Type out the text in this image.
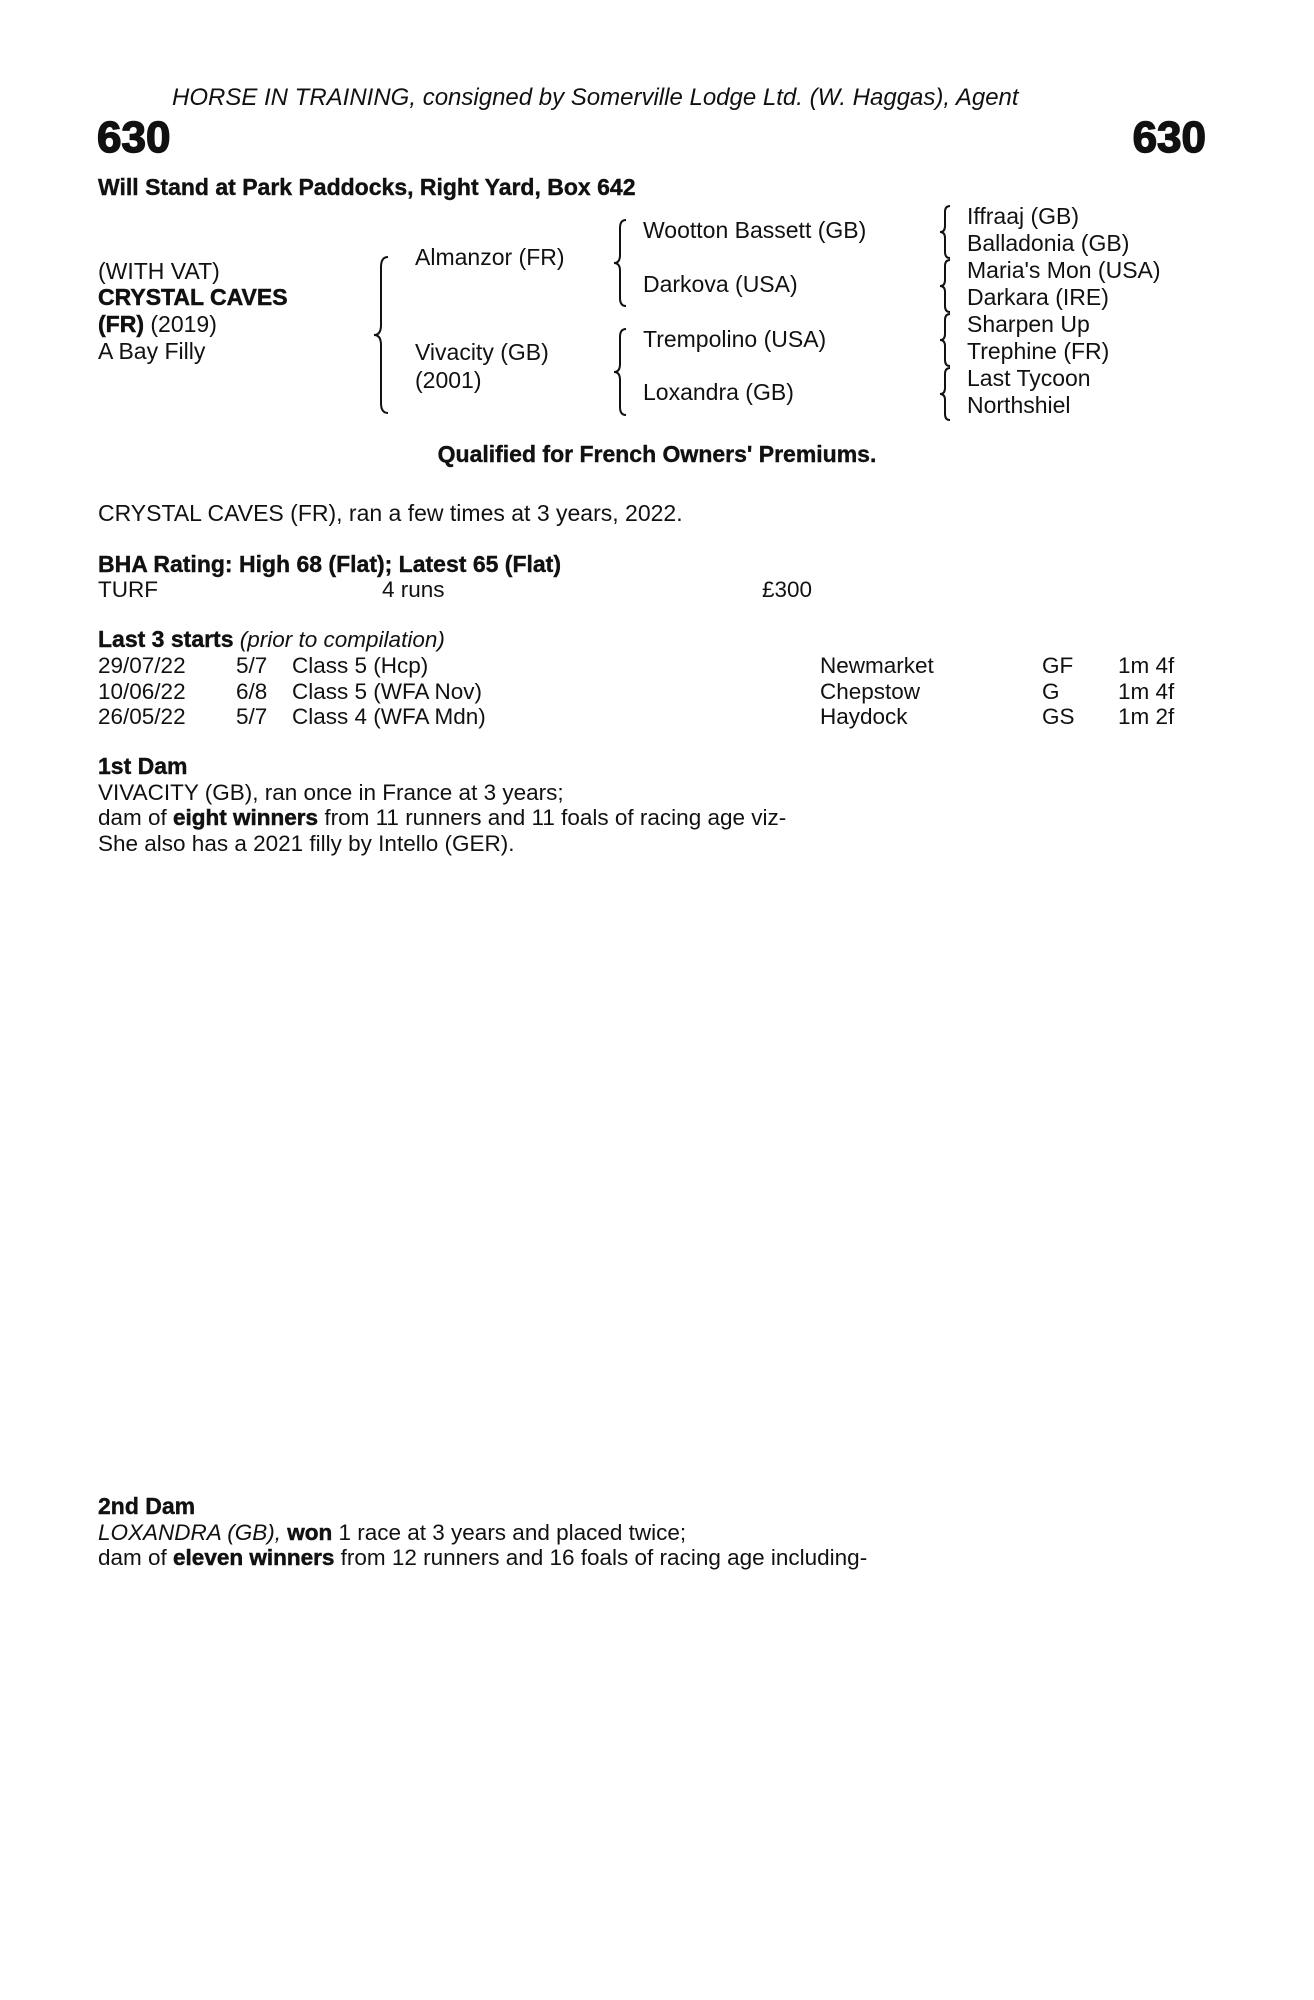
HORSE IN TRAINING, consigned by Somerville Lodge Ltd. (W. Haggas), Agent
630	630
Will Stand at Park Paddocks, Right Yard, Box 642
(WITH VAT)
CRYSTAL CAVES
(FR) (2019)
A Bay Filly
Almanzor (FR)
Vivacity (GB)
(2001)
Wootton Bassett (GB)
Darkova (USA)
Trempolino (USA)
Loxandra (GB)
Iffraaj (GB)
Balladonia (GB)
Maria's Mon (USA)
Darkara (IRE)
Sharpen Up
Trephine (FR)
Last Tycoon
Northshiel
Qualified for French Owners' Premiums.
CRYSTAL CAVES (FR), ran a few times at 3 years, 2022.
BHA Rating: High 68 (Flat); Latest 65 (Flat)
TURF	4 runs	£300
Last 3 starts (prior to compilation)
29/07/22 5/7 Class 5 (Hcp)	Newmarket	GF 1m 4f
10/06/22 6/8 Class 5 (WFA Nov)	Chepstow	G	1m 4f
26/05/22 5/7 Class 4 (WFA Mdn)	Haydock	GS 1m 2f
1st Dam
VIVACITY (GB), ran once in France at 3 years;
dam of eight winners from 11 runners and 11 foals of racing age viz-
She also has a 2021 filly by Intello (GER).
2nd Dam
LOXANDRA (GB), won 1 race at 3 years and placed twice;
dam of eleven winners from 12 runners and 16 foals of racing age including-
